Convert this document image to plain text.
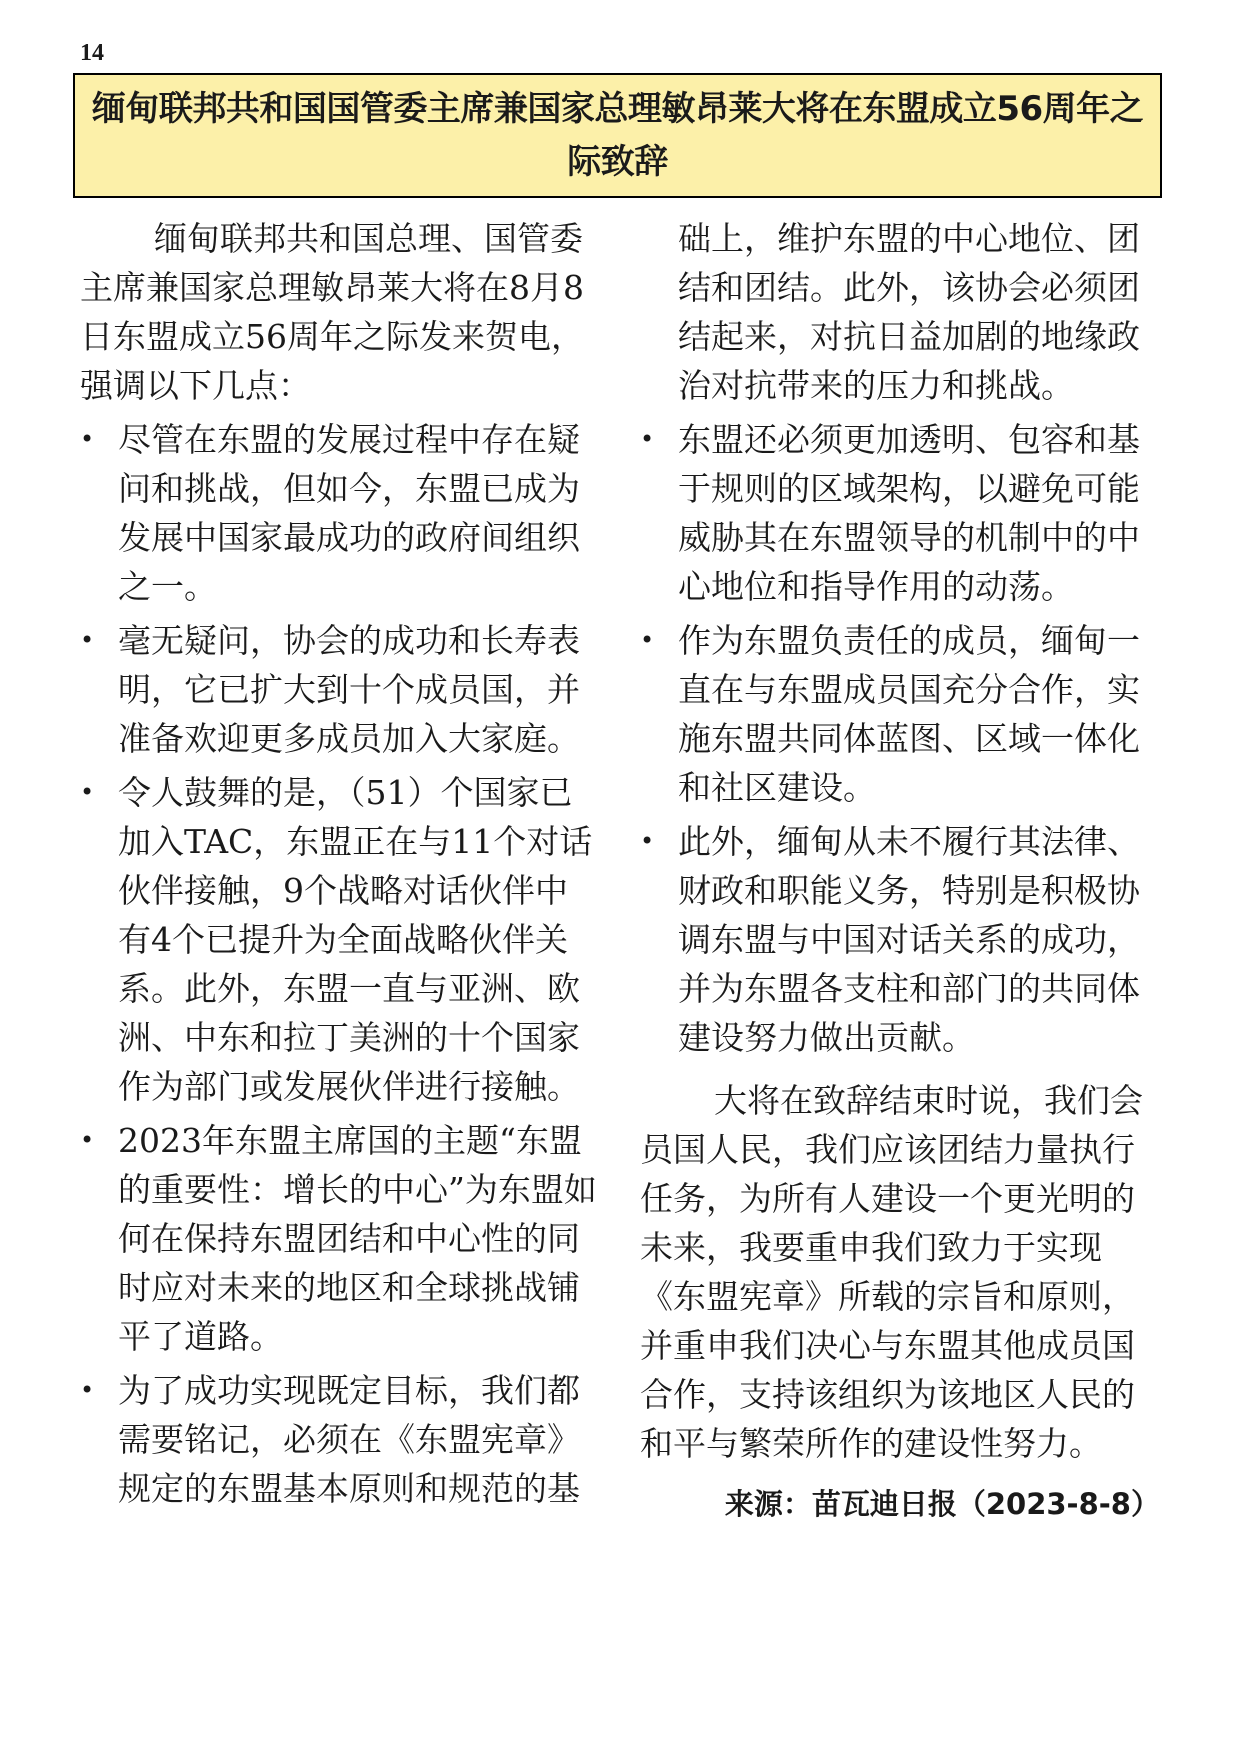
14
缅甸联邦共和国国管委主席兼国家总理敏昂莱大将在东盟成立56周年之际致辞

缅甸联邦共和国总理、国管委主席兼国家总理敏昂莱大将在8月8日东盟成立56周年之际发来贺电，强调以下几点：

• 尽管在东盟的发展过程中存在疑问和挑战，但如今，东盟已成为发展中国家最成功的政府间组织之一。
• 毫无疑问，协会的成功和长寿表明，它已扩大到十个成员国，并准备欢迎更多成员加入大家庭。
• 令人鼓舞的是，（51）个国家已加入TAC，东盟正在与11个对话伙伴接触，9个战略对话伙伴中有4个已提升为全面战略伙伴关系。此外，东盟一直与亚洲、欧洲、中东和拉丁美洲的十个国家作为部门或发展伙伴进行接触。
• 2023年东盟主席国的主题“东盟的重要性：增长的中心”为东盟如何在保持东盟团结和中心性的同时应对未来的地区和全球挑战铺平了道路。
• 为了成功实现既定目标，我们都需要铭记，必须在《东盟宪章》规定的东盟基本原则和规范的基

础上，维护东盟的中心地位、团结和团结。此外，该协会必须团结起来，对抗日益加剧的地缘政治对抗带来的压力和挑战。

• 东盟还必须更加透明、包容和基于规则的区域架构，以避免可能威胁其在东盟领导的机制中的中心地位和指导作用的动荡。
• 作为东盟负责任的成员，缅甸一直在与东盟成员国充分合作，实施东盟共同体蓝图、区域一体化和社区建设。
• 此外，缅甸从未不履行其法律、财政和职能义务，特别是积极协调东盟与中国对话关系的成功，并为东盟各支柱和部门的共同体建设努力做出贡献。

大将在致辞结束时说，我们会员国人民，我们应该团结力量执行任务，为所有人建设一个更光明的未来，我要重申我们致力于实现《东盟宪章》所载的宗旨和原则，并重申我们决心与东盟其他成员国合作，支持该组织为该地区人民的和平与繁荣所作的建设性努力。

来源：苗瓦迪日报（2023-8-8）
